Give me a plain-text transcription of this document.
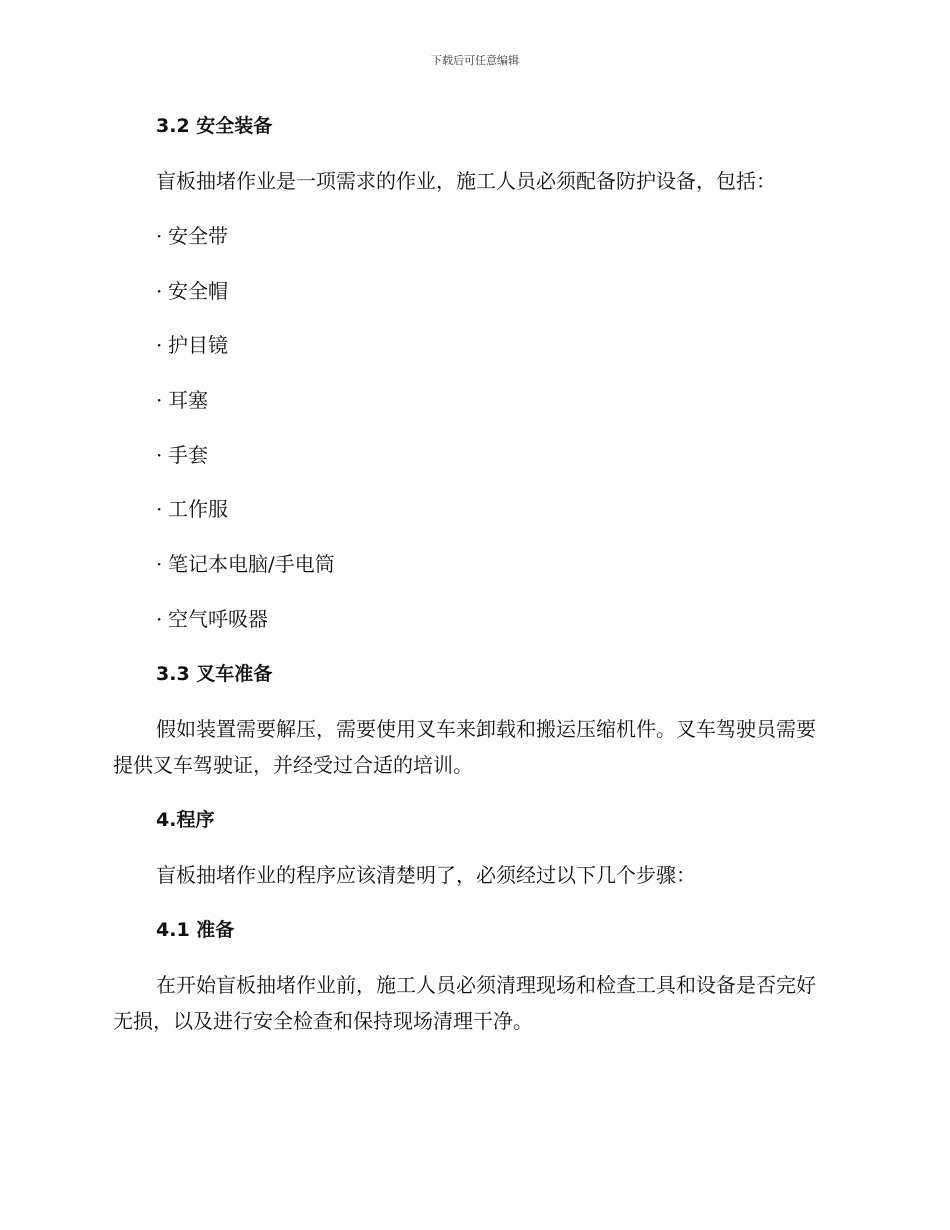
下载后可任意编辑
3.2 安全装备

盲板抽堵作业是一项需求的作业，施工人员必须配备防护设备，包括：

· 安全带
· 安全帽
· 护目镜
· 耳塞
· 手套
· 工作服
· 笔记本电脑/手电筒
· 空气呼吸器
3.3 叉车准备

假如装置需要解压，需要使用叉车来卸载和搬运压缩机件。叉车驾驶员需要提供叉车驾驶证，并经受过合适的培训。

4.程序

盲板抽堵作业的程序应该清楚明了，必须经过以下几个步骤：

4.1 准备

在开始盲板抽堵作业前，施工人员必须清理现场和检查工具和设备是否完好无损，以及进行安全检查和保持现场清理干净。
